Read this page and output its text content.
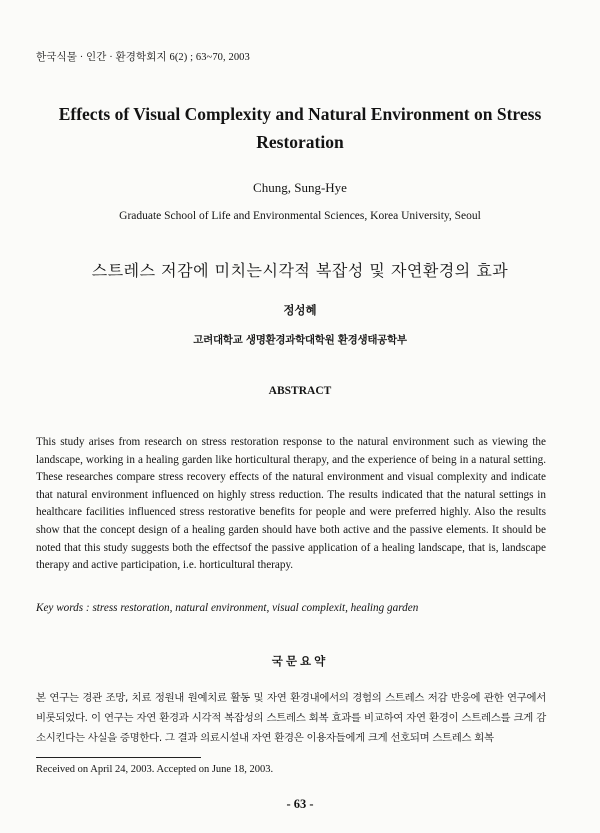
한국식물 · 인간 · 환경학회지 6(2) ; 63~70, 2003
Effects of Visual Complexity and Natural Environment on Stress Restoration
Chung, Sung-Hye
Graduate School of Life and Environmental Sciences, Korea University, Seoul
스트레스 저감에 미치는시각적 복잡성 및 자연환경의 효과
정성혜
고려대학교 생명환경과학대학원 환경생태공학부
ABSTRACT
This study arises from research on stress restoration response to the natural environment such as viewing the landscape, working in a healing garden like horticultural therapy, and the experience of being in a natural setting. These researches compare stress recovery effects of the natural environment and visual complexity and indicate that natural environment influenced on highly stress reduction. The results indicated that the natural settings in healthcare facilities influenced stress restorative benefits for people and were preferred highly. Also the results show that the concept design of a healing garden should have both active and the passive elements. It should be noted that this study suggests both the effectsof the passive application of a healing landscape, that is, landscape therapy and active participation, i.e. horticultural therapy.
Key words : stress restoration, natural environment, visual complexit, healing garden
국문요약
본 연구는 경관 조망, 치료 정원내 원예치료 활동 및 자연 환경내에서의 경험의 스트레스 저감 반응에 관한 연구에서 비롯되었다. 이 연구는 자연 환경과 시각적 복잡성의 스트레스 회복 효과를 비교하여 자연 환경이 스트레스를 크게 감소시킨다는 사실을 증명한다. 그 결과 의료시설내 자연 환경은 이용자들에게 크게 선호되며 스트레스 회복
Received on April 24, 2003. Accepted on June 18, 2003.
- 63 -
